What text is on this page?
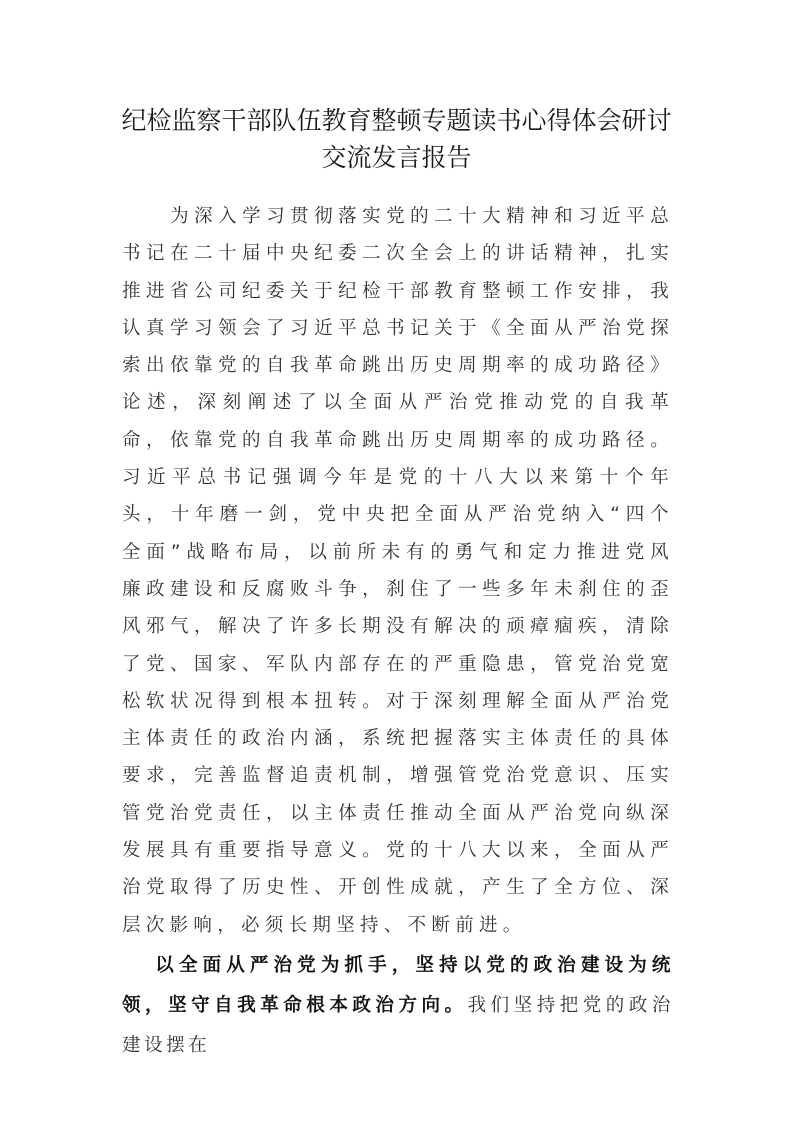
纪检监察干部队伍教育整顿专题读书心得体会研讨
交流发言报告

为深入学习贯彻落实党的二十大精神和习近平总书记在二十届中央纪委二次全会上的讲话精神，扎实推进省公司纪委关于纪检干部教育整顿工作安排，我认真学习领会了习近平总书记关于《全面从严治党探索出依靠党的自我革命跳出历史周期率的成功路径》论述，深刻阐述了以全面从严治党推动党的自我革命，依靠党的自我革命跳出历史周期率的成功路径。习近平总书记强调今年是党的十八大以来第十个年头，十年磨一剑，党中央把全面从严治党纳入“四个全面”战略布局，以前所未有的勇气和定力推进党风廉政建设和反腐败斗争，刹住了一些多年未刹住的歪风邪气，解决了许多长期没有解决的顽瘴痼疾，清除了党、国家、军队内部存在的严重隐患，管党治党宽松软状况得到根本扭转。对于深刻理解全面从严治党主体责任的政治内涵，系统把握落实主体责任的具体要求，完善监督追责机制，增强管党治党意识、压实管党治党责任，以主体责任推动全面从严治党向纵深发展具有重要指导意义。党的十八大以来，全面从严治党取得了历史性、开创性成就，产生了全方位、深层次影响，必须长期坚持、不断前进。

以全面从严治党为抓手，坚持以党的政治建设为统领，坚守自我革命根本政治方向。我们坚持把党的政治建设摆在
